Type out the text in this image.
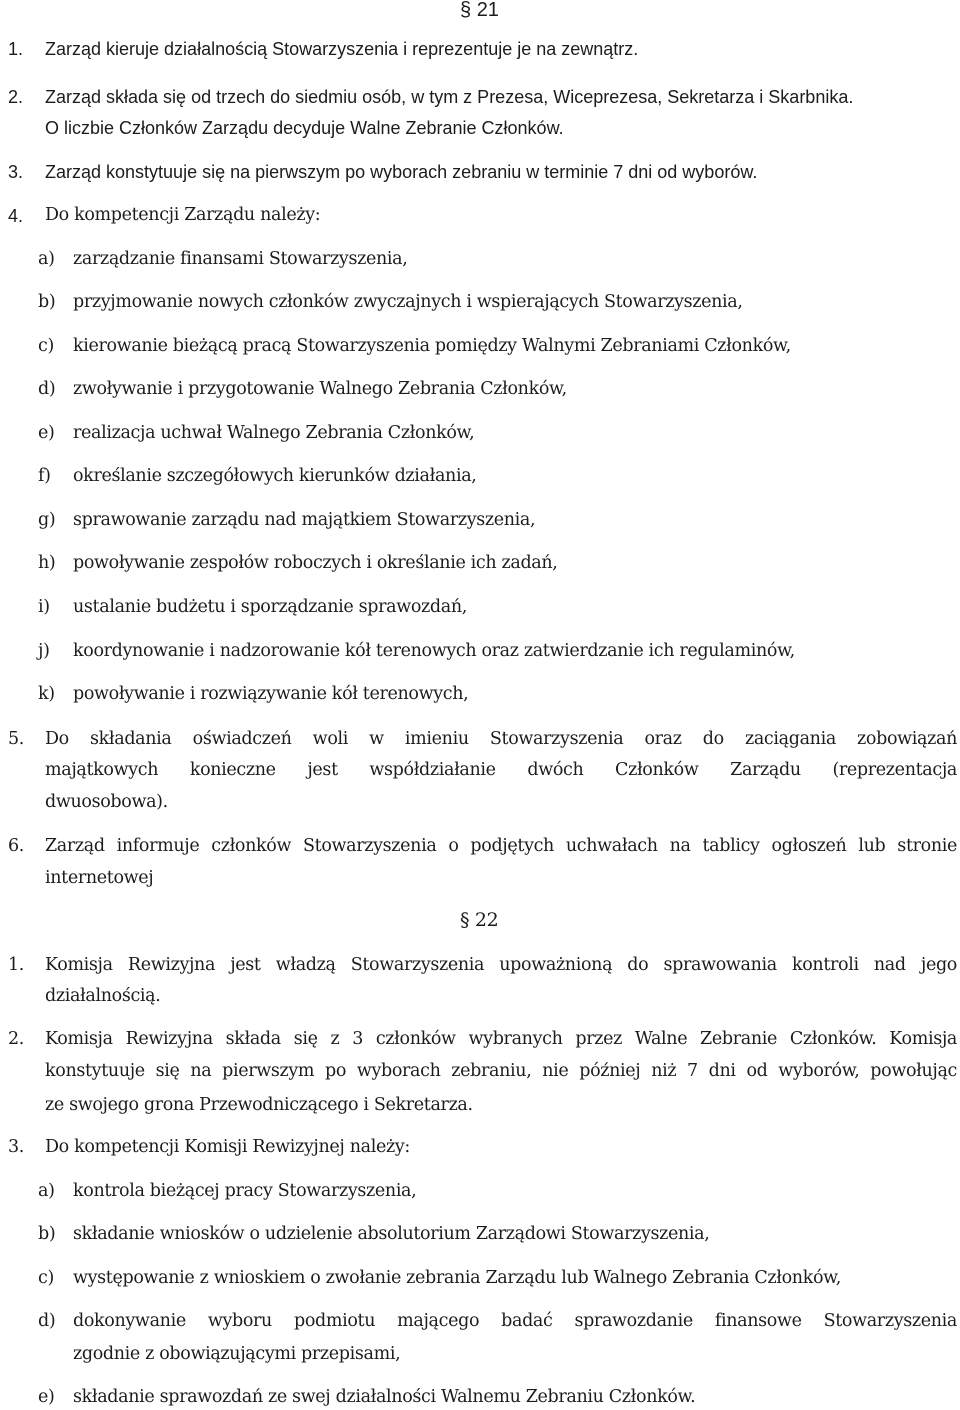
§ 21
1. Zarząd kieruje działalnością Stowarzyszenia i reprezentuje je na zewnątrz.
2. Zarząd składa się od trzech do siedmiu osób, w tym z Prezesa, Wiceprezesa, Sekretarza i Skarbnika.
O liczbie Członków Zarządu decyduje Walne Zebranie Członków.
3. Zarząd konstytuuje się na pierwszym po wyborach zebraniu w terminie 7 dni od wyborów.
4. Do kompetencji Zarządu należy:
a) zarządzanie finansami Stowarzyszenia,
b) przyjmowanie nowych członków zwyczajnych i wspierających Stowarzyszenia,
c) kierowanie bieżącą pracą Stowarzyszenia pomiędzy Walnymi Zebraniami Członków,
d) zwoływanie i przygotowanie Walnego Zebrania Członków,
e) realizacja uchwał Walnego Zebrania Członków,
f) określanie szczegółowych kierunków działania,
g) sprawowanie zarządu nad majątkiem Stowarzyszenia,
h) powoływanie zespołów roboczych i określanie ich zadań,
i) ustalanie budżetu i sporządzanie sprawozdań,
j) koordynowanie i nadzorowanie kół terenowych oraz zatwierdzanie ich regulaminów,
k) powoływanie i rozwiązywanie kół terenowych,
5. Do składania oświadczeń woli w imieniu Stowarzyszenia oraz do zaciągania zobowiązań
majątkowych konieczne jest współdziałanie dwóch Członków Zarządu (reprezentacja
dwuosobowa).
6. Zarząd informuje członków Stowarzyszenia o podjętych uchwałach na tablicy ogłoszeń lub stronie
internetowej
§ 22
1. Komisja Rewizyjna jest władzą Stowarzyszenia upoważnioną do sprawowania kontroli nad jego
działalnością.
2. Komisja Rewizyjna składa się z 3 członków wybranych przez Walne Zebranie Członków. Komisja
konstytuuje się na pierwszym po wyborach zebraniu, nie później niż 7 dni od wyborów, powołując
ze swojego grona Przewodniczącego i Sekretarza.
3. Do kompetencji Komisji Rewizyjnej należy:
a) kontrola bieżącej pracy Stowarzyszenia,
b) składanie wniosków o udzielenie absolutorium Zarządowi Stowarzyszenia,
c) występowanie z wnioskiem o zwołanie zebrania Zarządu lub Walnego Zebrania Członków,
d) dokonywanie wyboru podmiotu mającego badać sprawozdanie finansowe Stowarzyszenia
zgodnie z obowiązującymi przepisami,
e) składanie sprawozdań ze swej działalności Walnemu Zebraniu Członków.
